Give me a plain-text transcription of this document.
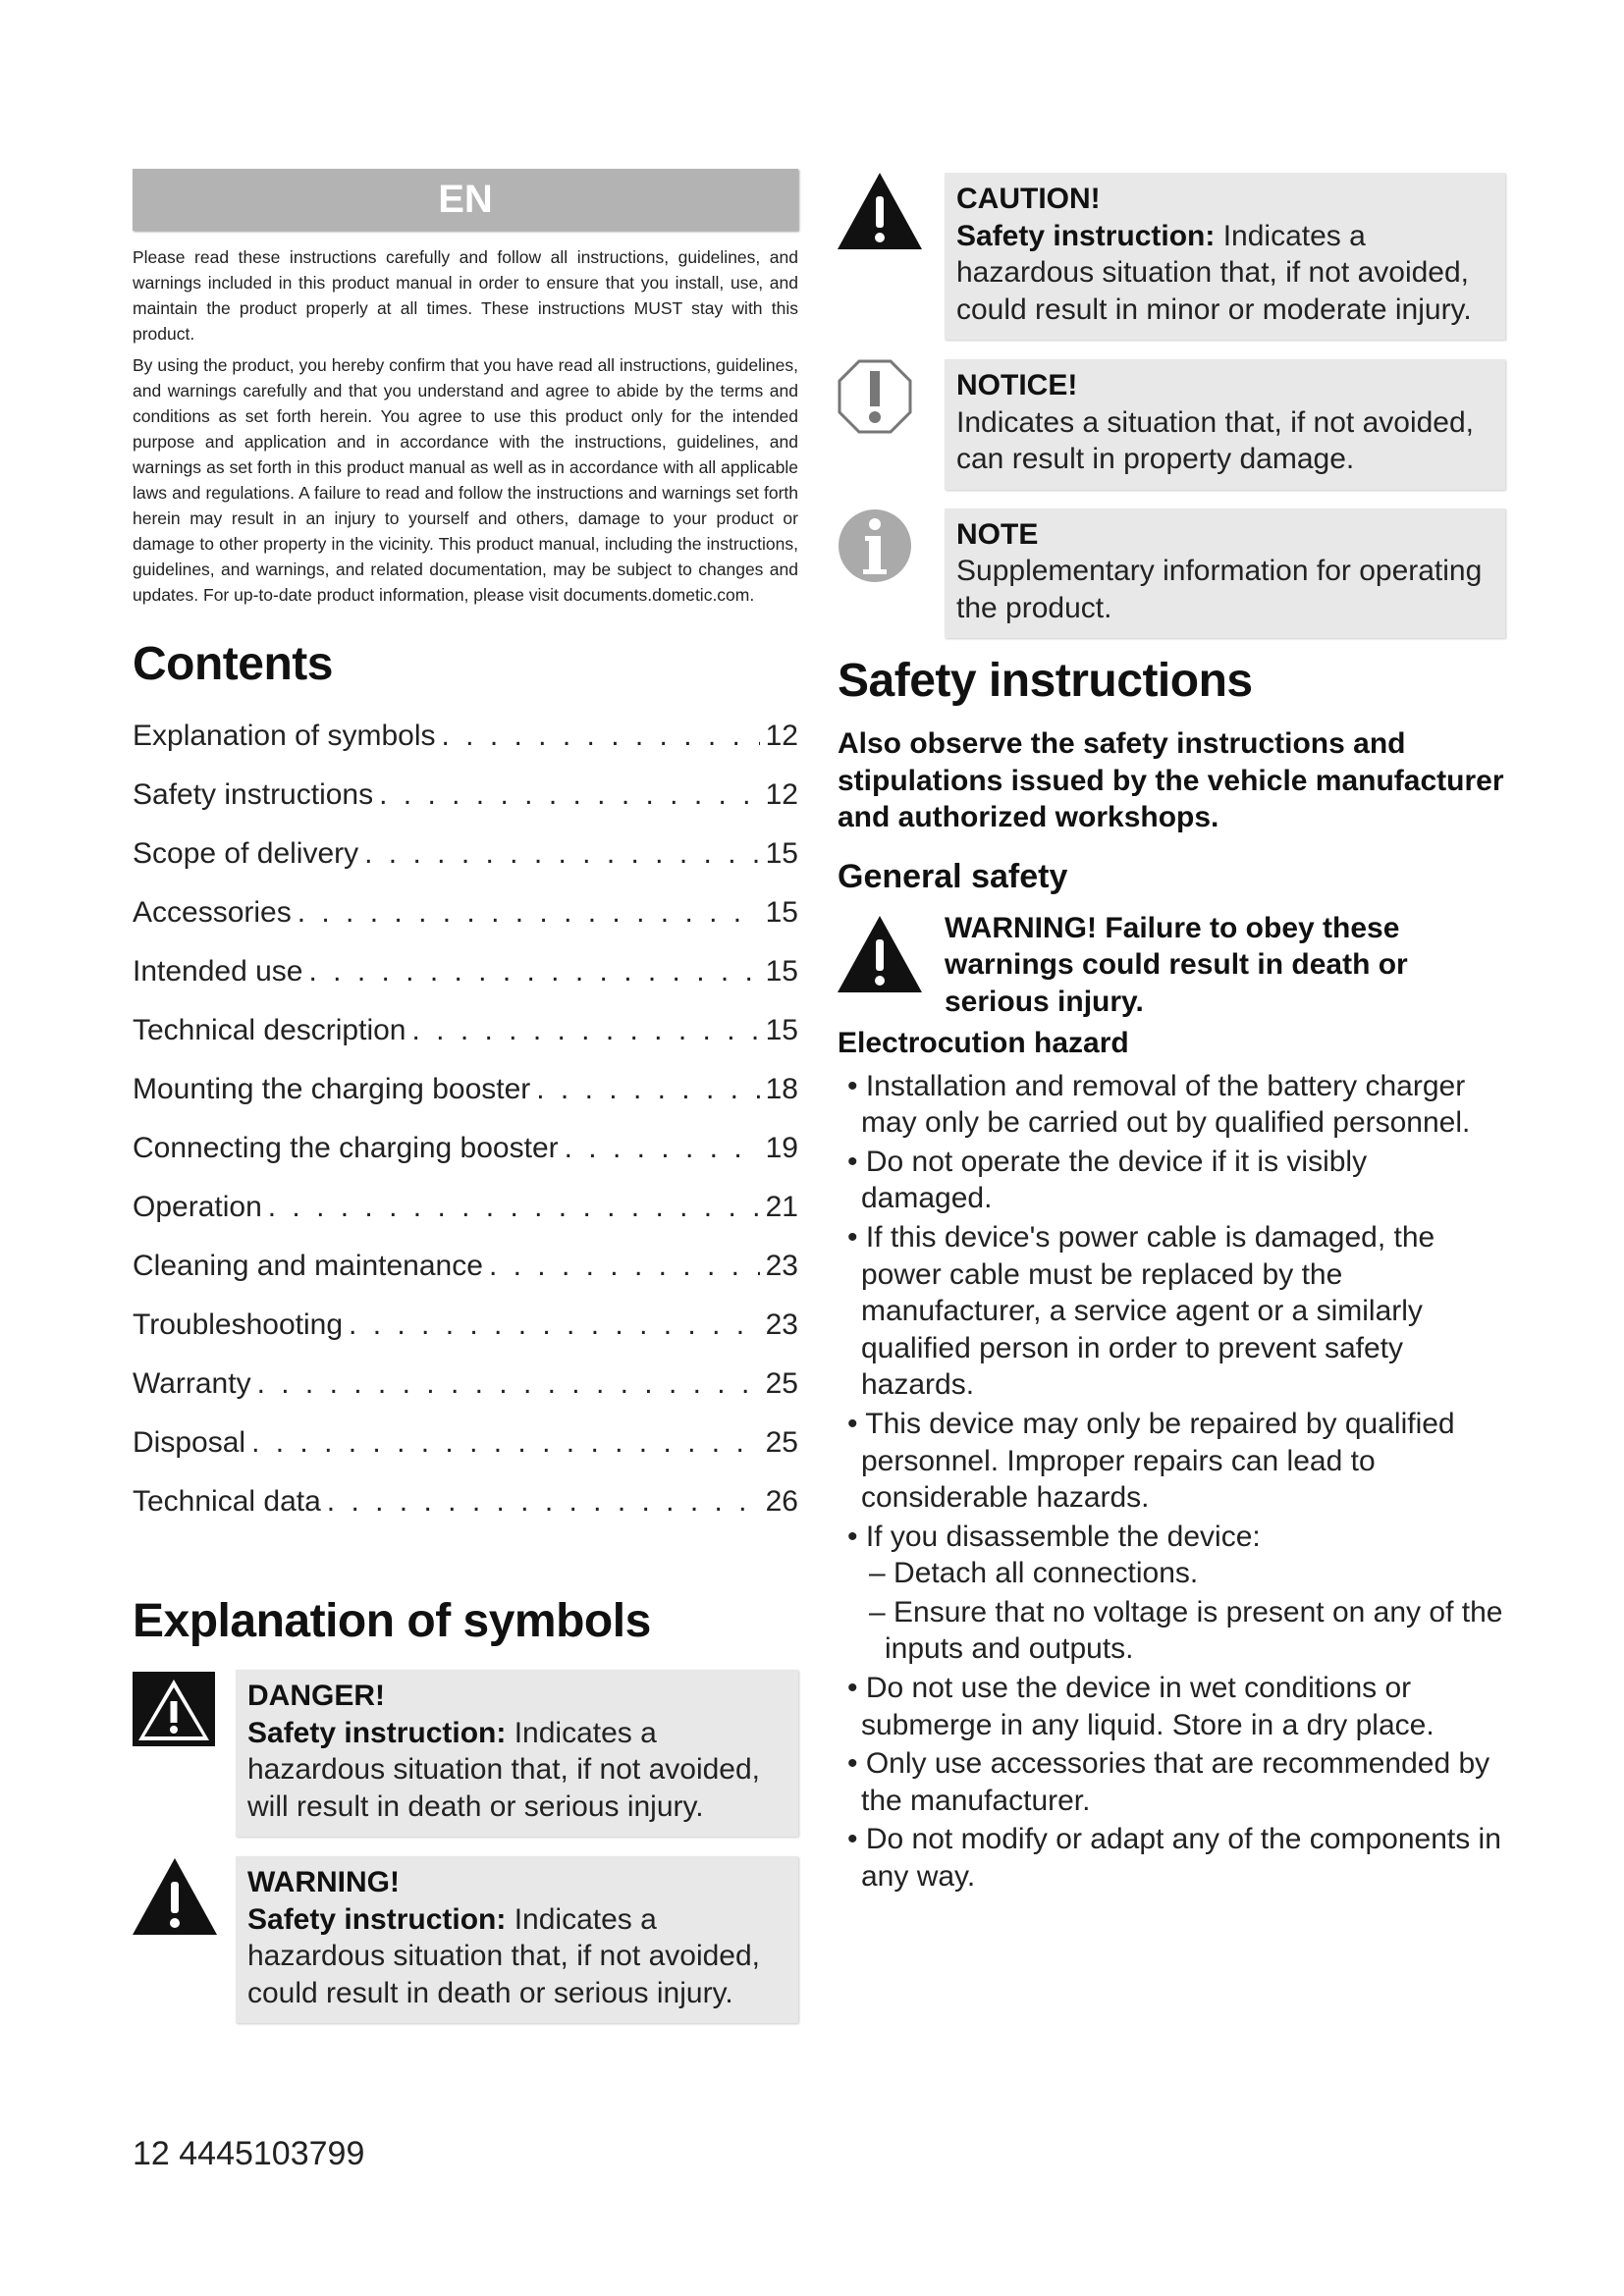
EN

Please read these instructions carefully and follow all instructions, guidelines, and warnings included in this product manual in order to ensure that you install, use, and maintain the product properly at all times. These instructions MUST stay with this product.

By using the product, you hereby confirm that you have read all instructions, guidelines, and warnings carefully and that you understand and agree to abide by the terms and conditions as set forth herein. You agree to use this product only for the intended purpose and application and in accordance with the instructions, guidelines, and warnings as set forth in this product manual as well as in accordance with all applicable laws and regulations. A failure to read and follow the instructions and warnings set forth herein may result in an injury to yourself and others, damage to your product or damage to other property in the vicinity. This product manual, including the instructions, guidelines, and warnings, and related documentation, may be subject to changes and updates. For up-to-date product information, please visit documents.dometic.com.

Contents
Explanation of symbols . . .	12
Safety instructions . . .	12
Scope of delivery . . .	15
Accessories . . .	15
Intended use . . .	15
Technical description . . .	15
Mounting the charging booster . . .	18
Connecting the charging booster . . .	19
Operation . . .	21
Cleaning and maintenance . . .	23
Troubleshooting . . .	23
Warranty . . .	25
Disposal . . .	25
Technical data . . .	26
Explanation of symbols
DANGER!
Safety instruction: Indicates a hazardous situation that, if not avoided, will result in death or serious injury.
WARNING!
Safety instruction: Indicates a hazardous situation that, if not avoided, could result in death or serious injury.
12 4445103799
CAUTION!
Safety instruction: Indicates a hazardous situation that, if not avoided, could result in minor or moderate injury.
NOTICE!
Indicates a situation that, if not avoided, can result in property damage.
NOTE
Supplementary information for operating the product.
Safety instructions
Also observe the safety instructions and stipulations issued by the vehicle manufacturer and authorized workshops.
General safety
WARNING! Failure to obey these warnings could result in death or serious injury.
Electrocution hazard
• Installation and removal of the battery charger may only be carried out by qualified personnel.
• Do not operate the device if it is visibly damaged.
• If this device's power cable is damaged, the power cable must be replaced by the manufacturer, a service agent or a similarly qualified person in order to prevent safety hazards.
• This device may only be repaired by qualified personnel. Improper repairs can lead to considerable hazards.
• If you disassemble the device:
– Detach all connections.
– Ensure that no voltage is present on any of the inputs and outputs.
• Do not use the device in wet conditions or submerge in any liquid. Store in a dry place.
• Only use accessories that are recommended by the manufacturer.
• Do not modify or adapt any of the components in any way.
